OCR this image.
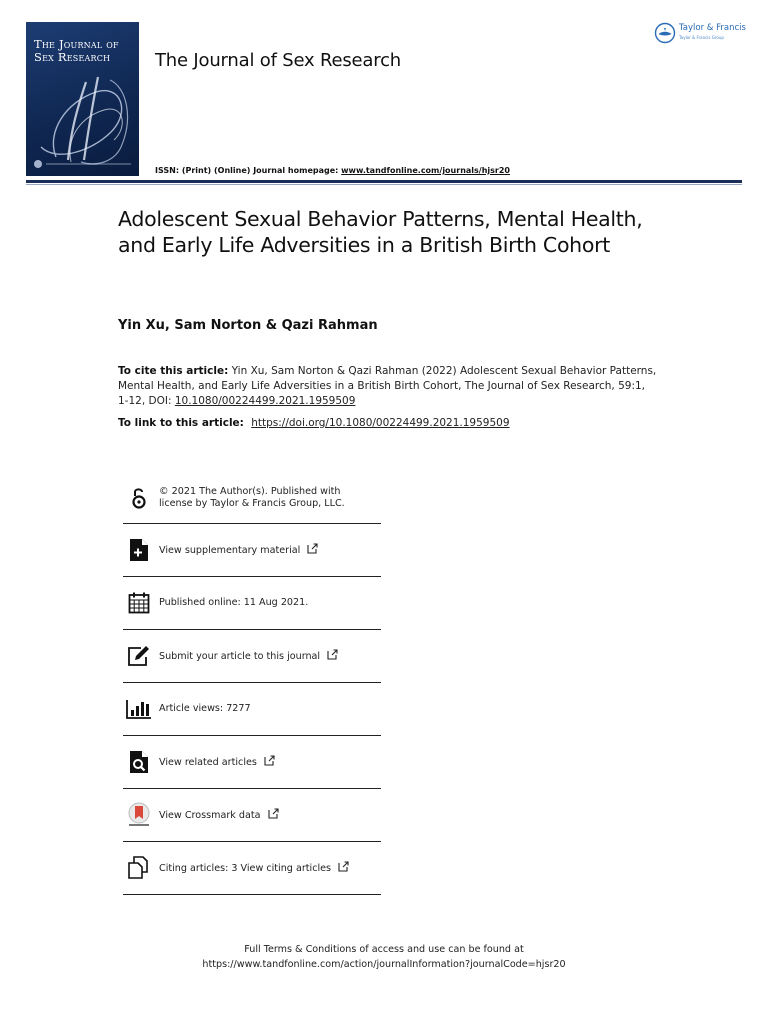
The Journal of
Sex Research	The Journal of Sex Research
Taylor & Francis
Taylor & Francis Group
ISSN: (Print) (Online) Journal homepage: www.tandfonline.com/journals/hjsr20
Adolescent Sexual Behavior Patterns, Mental Health, and Early Life Adversities in a British Birth Cohort
Yin Xu, Sam Norton & Qazi Rahman
To cite this article: Yin Xu, Sam Norton & Qazi Rahman (2022) Adolescent Sexual Behavior Patterns, Mental Health, and Early Life Adversities in a British Birth Cohort, The Journal of Sex Research, 59:1, 1-12, DOI: 10.1080/00224499.2021.1959509
To link to this article: https://doi.org/10.1080/00224499.2021.1959509
© 2021 The Author(s). Published with
license by Taylor & Francis Group, LLC.
View supplementary material
Published online: 11 Aug 2021.
Submit your article to this journal
Article views: 7277
View related articles
View Crossmark data
Citing articles: 3 View citing articles
Full Terms & Conditions of access and use can be found at
https://www.tandfonline.com/action/journalInformation?journalCode=hjsr20
